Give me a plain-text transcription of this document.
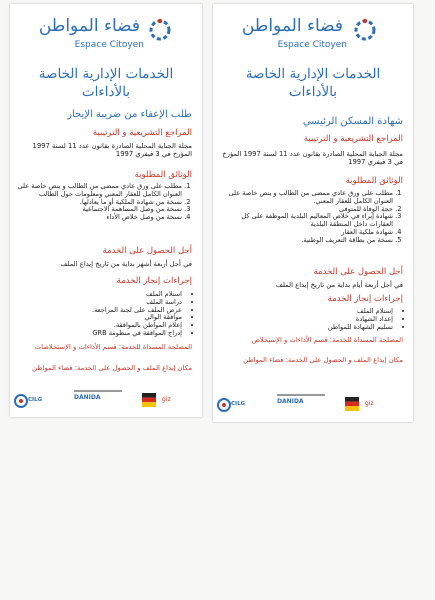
فضاء المواطن
Espace Citoyen
الخدمات الإدارية الخاصة
بالأداءات
طلب الإعفاء من ضريبة الإيجار
المراجع التشريعية و الترتيبية
مجلة الجباية المحلية الصادرة بقانون عدد 11 لسنة 1997 المؤرخ في 3 فيفري 1997
الوثائق المطلوبة
1. مطلب على ورق عادي ممضى من الطالب و ينص خاصة على العنوان الكامل للعقار المعني ومعلومات حول الطالب
2. نسخة من شهادة الملكية أو ما يعادلها.
3. نسخة من وصل المساهمة الاجتماعية
4. نسخة من وصل خلاص الأداء
أجل الحصول على الخدمة
في أجل أربعة أشهر بداية من تاريخ إيداع الملف
إجراءات إنجاز الخدمة
• استلام الملف
• دراسة الملف
• عرض الملف على لجنة المراجعة.
• موافقة الوالي
• إعلام المواطن بالموافقة.
• إدراج الموافقة في منظومة GRB
المصلحة المسداة للخدمة: قسم الأداءات و الإستخلاصات
مكان إيداع الملف و الحصول على الخدمة: فضاء المواطن
CILG	DANIDA	giz
فضاء المواطن
Espace Citoyen
الخدمات الإدارية الخاصة
بالأداءات
شهادة المسكن الرئيسي
المراجع التشريعية و الترتيبية
مجلة الجباية المحلية الصادرة بقانون عدد 11 لسنة 1997 المؤرخ في 3 فيفري 1997
الوثائق المطلوبة
1. مطلب على ورق عادي ممضى من الطالب و ينص خاصة على العنوان الكامل للعقار المعني.
2. حجة الوفاة للمتوفى
3. شهادة إبراء في خلاص المعاليم البلدية الموظفة على كل العقارات داخل المنطقة البلدية
4. شهادة ملكية العقار
5. نسخة من بطاقة التعريف الوطنية.
أجل الحصول على الخدمة
في أجل أربعة أيام بداية من تاريخ إيداع الملف
إجراءات إنجاز الخدمة
• إستلام الملف
• إعداد الشهادة
• تسليم الشهادة للمواطن
المصلحة المسداة للخدمة: قسم الأداءات و الإستخلاص
مكان إيداع الملف و الحصول على الخدمة: فضاء المواطن
CILG	DANIDA	giz
